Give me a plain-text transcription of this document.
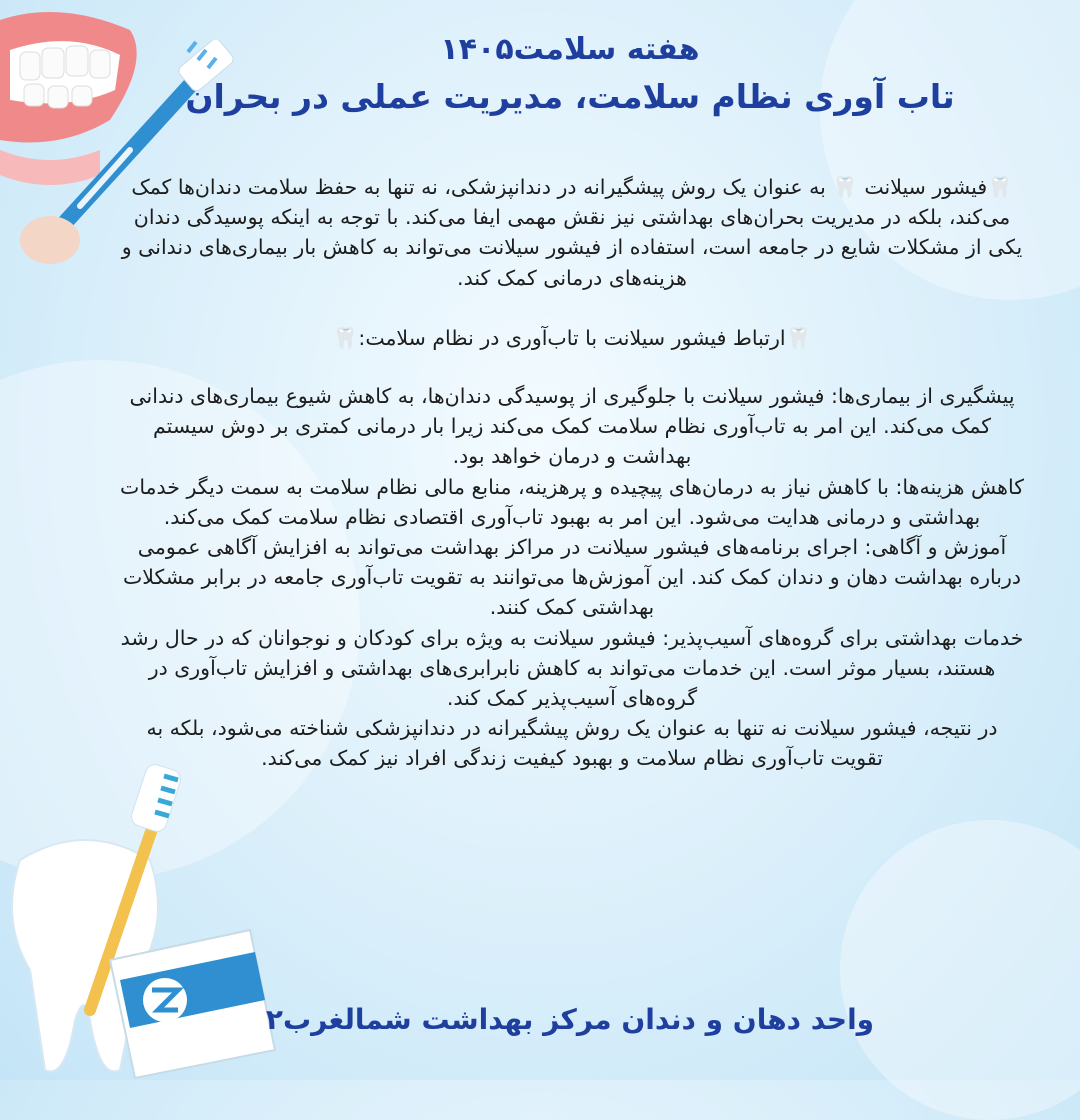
هفته سلامت۱۴۰۵
تاب آوری نظام سلامت، مدیریت عملی در بحران

🦷فیشور سیلانت 🦷 به عنوان یک روش پیشگیرانه در دندانپزشکی، نه تنها به حفظ سلامت دندان‌ها کمک می‌کند، بلکه در مدیریت بحران‌های بهداشتی نیز نقش مهمی ایفا می‌کند. با توجه به اینکه پوسیدگی دندان یکی از مشکلات شایع در جامعه است، استفاده از فیشور سیلانت می‌تواند به کاهش بار بیماری‌های دندانی و هزینه‌های درمانی کمک کند.

🦷ارتباط فیشور سیلانت با تاب‌آوری در نظام سلامت:🦷

پیشگیری از بیماری‌ها: فیشور سیلانت با جلوگیری از پوسیدگی دندان‌ها، به کاهش شیوع بیماری‌های دندانی کمک می‌کند. این امر به تاب‌آوری نظام سلامت کمک می‌کند زیرا بار درمانی کمتری بر دوش سیستم بهداشت و درمان خواهد بود.

کاهش هزینه‌ها: با کاهش نیاز به درمان‌های پیچیده و پرهزینه، منابع مالی نظام سلامت به سمت دیگر خدمات بهداشتی و درمانی هدایت می‌شود. این امر به بهبود تاب‌آوری اقتصادی نظام سلامت کمک می‌کند.

آموزش و آگاهی: اجرای برنامه‌های فیشور سیلانت در مراکز بهداشت می‌تواند به افزایش آگاهی عمومی درباره بهداشت دهان و دندان کمک کند. این آموزش‌ها می‌توانند به تقویت تاب‌آوری جامعه در برابر مشکلات بهداشتی کمک کنند.

خدمات بهداشتی برای گروه‌های آسیب‌پذیر: فیشور سیلانت به ویژه برای کودکان و نوجوانان که در حال رشد هستند، بسیار موثر است. این خدمات می‌تواند به کاهش نابرابری‌های بهداشتی و افزایش تاب‌آوری در گروه‌های آسیب‌پذیر کمک کند.

در نتیجه، فیشور سیلانت نه تنها به عنوان یک روش پیشگیرانه در دندانپزشکی شناخته می‌شود، بلکه به تقویت تاب‌آوری نظام سلامت و بهبود کیفیت زندگی افراد نیز کمک می‌کند.

واحد دهان و دندان مرکز بهداشت شمالغرب۲
